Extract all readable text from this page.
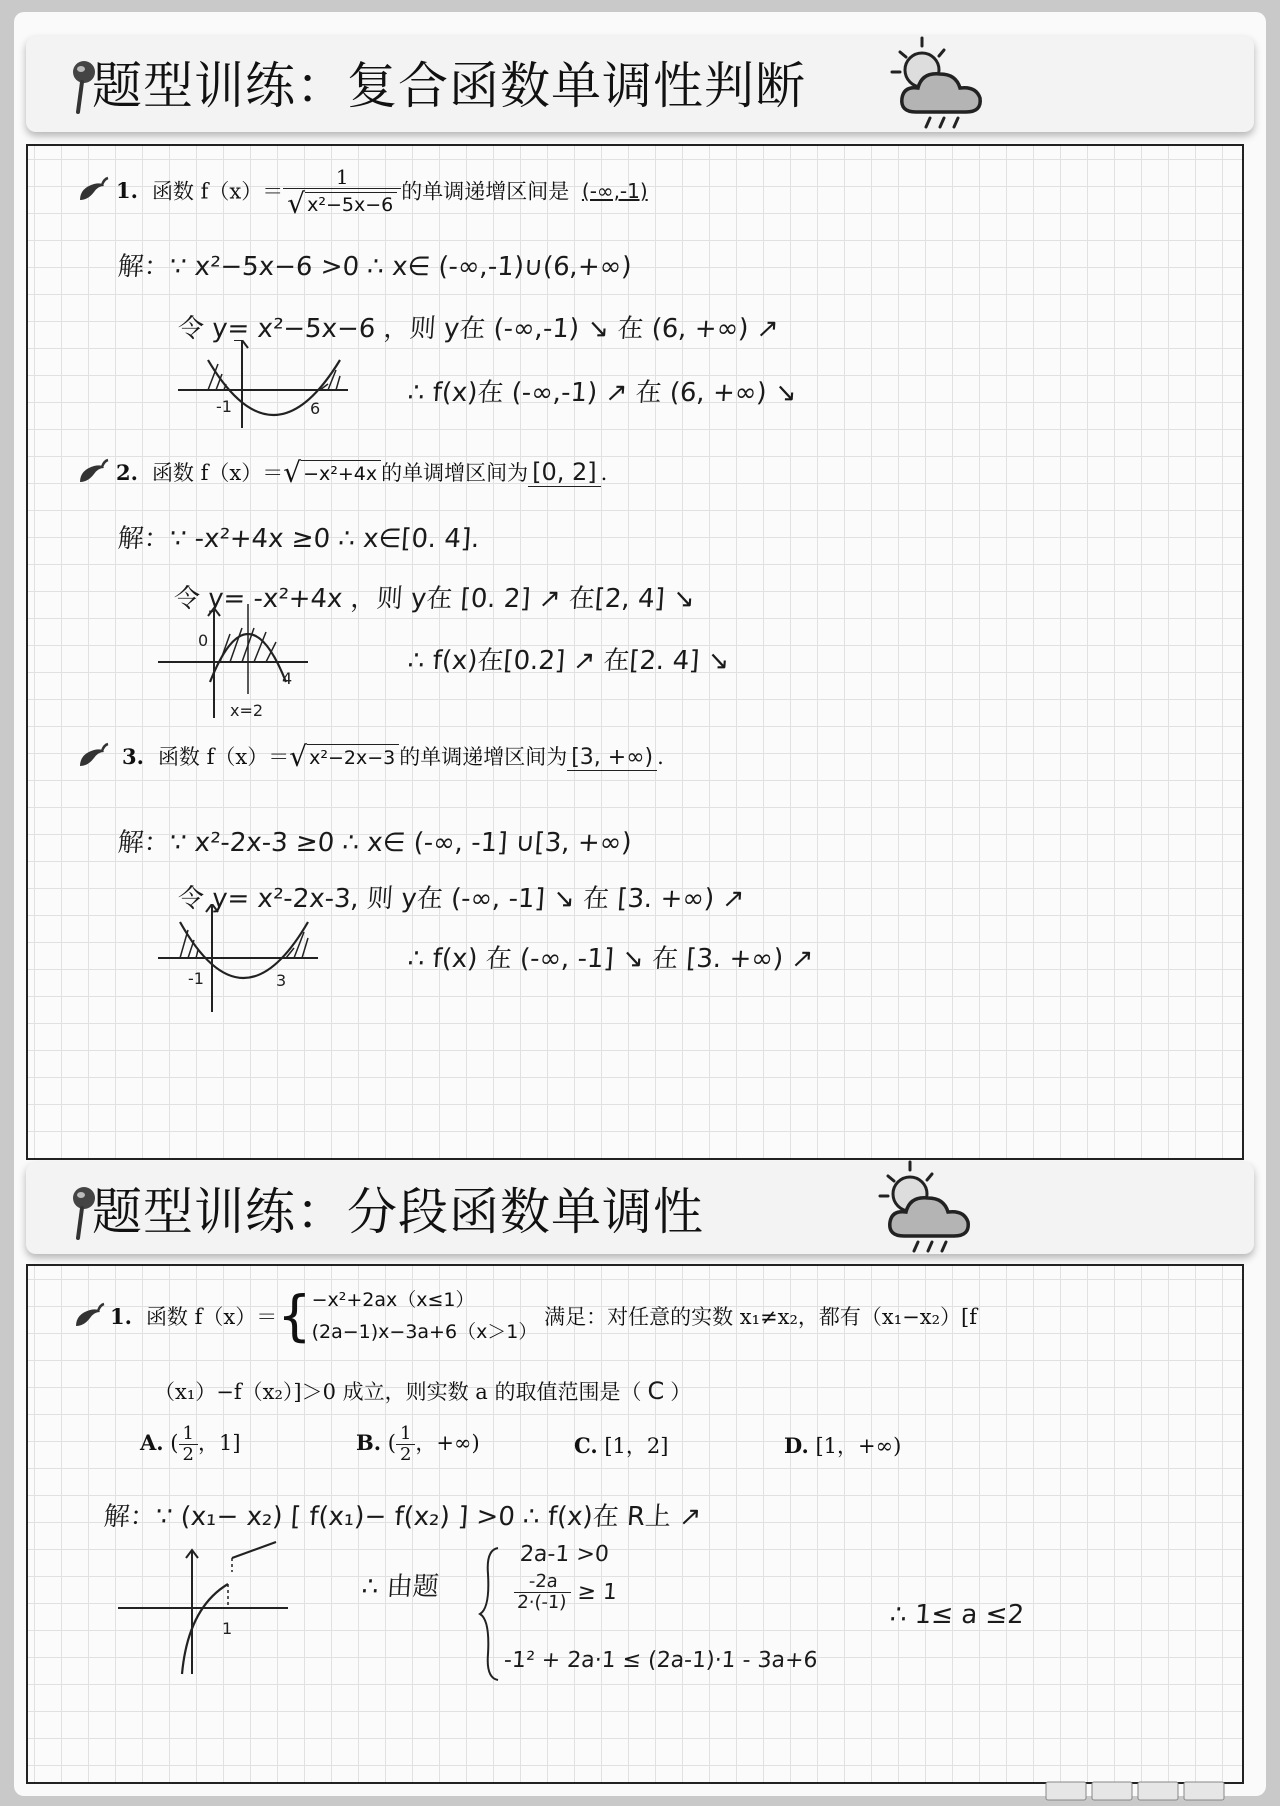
题型训练：复合函数单调性判断
1. 函数 $f(x)= \frac{1}{\text{√ x²−5x−6}}$ 的单调递增区间是 (-∞,-1)
解：∵ x²−5x−6 >0 ∴ x∈ (-∞,-1)∪(6,+∞)
令 y= x²−5x−6 ，则 y在 (-∞,-1) ↘ 在 (6, +∞) ↗
-1	6
∴ f(x)在 (-∞,-1) ↗ 在 (6, +∞) ↘
2. 函数 f（x）＝√ −x²+4x 的单调增区间为 [0, 2] .
解：∵ -x²+4x ≥0 ∴ x∈[0. 4].
令 y= -x²+4x ，则 y在 [0. 2] ↗ 在[2, 4] ↘
0
4
x=2
∴ f(x)在[0.2] ↗ 在[2. 4] ↘
3. 函数 f（x）＝√ x²−2x−3 的单调递增区间为 [3, +∞) .
解：∵ x²-2x-3 ≥0 ∴ x∈ (-∞, -1] ∪[3, +∞)
令 y= x²-2x-3, 则 y在 (-∞, -1] ↘ 在 [3. +∞) ↗
-1	3
∴ f(x) 在 (-∞, -1] ↘ 在 [3. +∞) ↗
题型训练：分段函数单调性
1. 函数 f（x）＝{ −x²+2ax（x≤1）
(2a−1)x−3a+6（x＞1）
满足：对任意的实数 x₁≠x₂，都有（x₁−x₂）[f
（x₁）−f（x₂）]＞0 成立，则实数 a 的取值范围是（ C ）
A. ( $\frac{1}{2}$ ，1]	B. ( $\frac{1}{2}$ ，+∞)	C. [1，2]	D. [1，+∞)
解：∵ (x₁− x₂) [ f(x₁)− f(x₂) ] >0 ∴ f(x)在 R上 ↗
1
∴ 由题
2a-1 >0
$\frac{-2a}{2\cdot(-1)} \ge 1$
-1² + 2a·1 ≤ (2a-1)·1 - 3a+6
∴ 1≤ a ≤2
